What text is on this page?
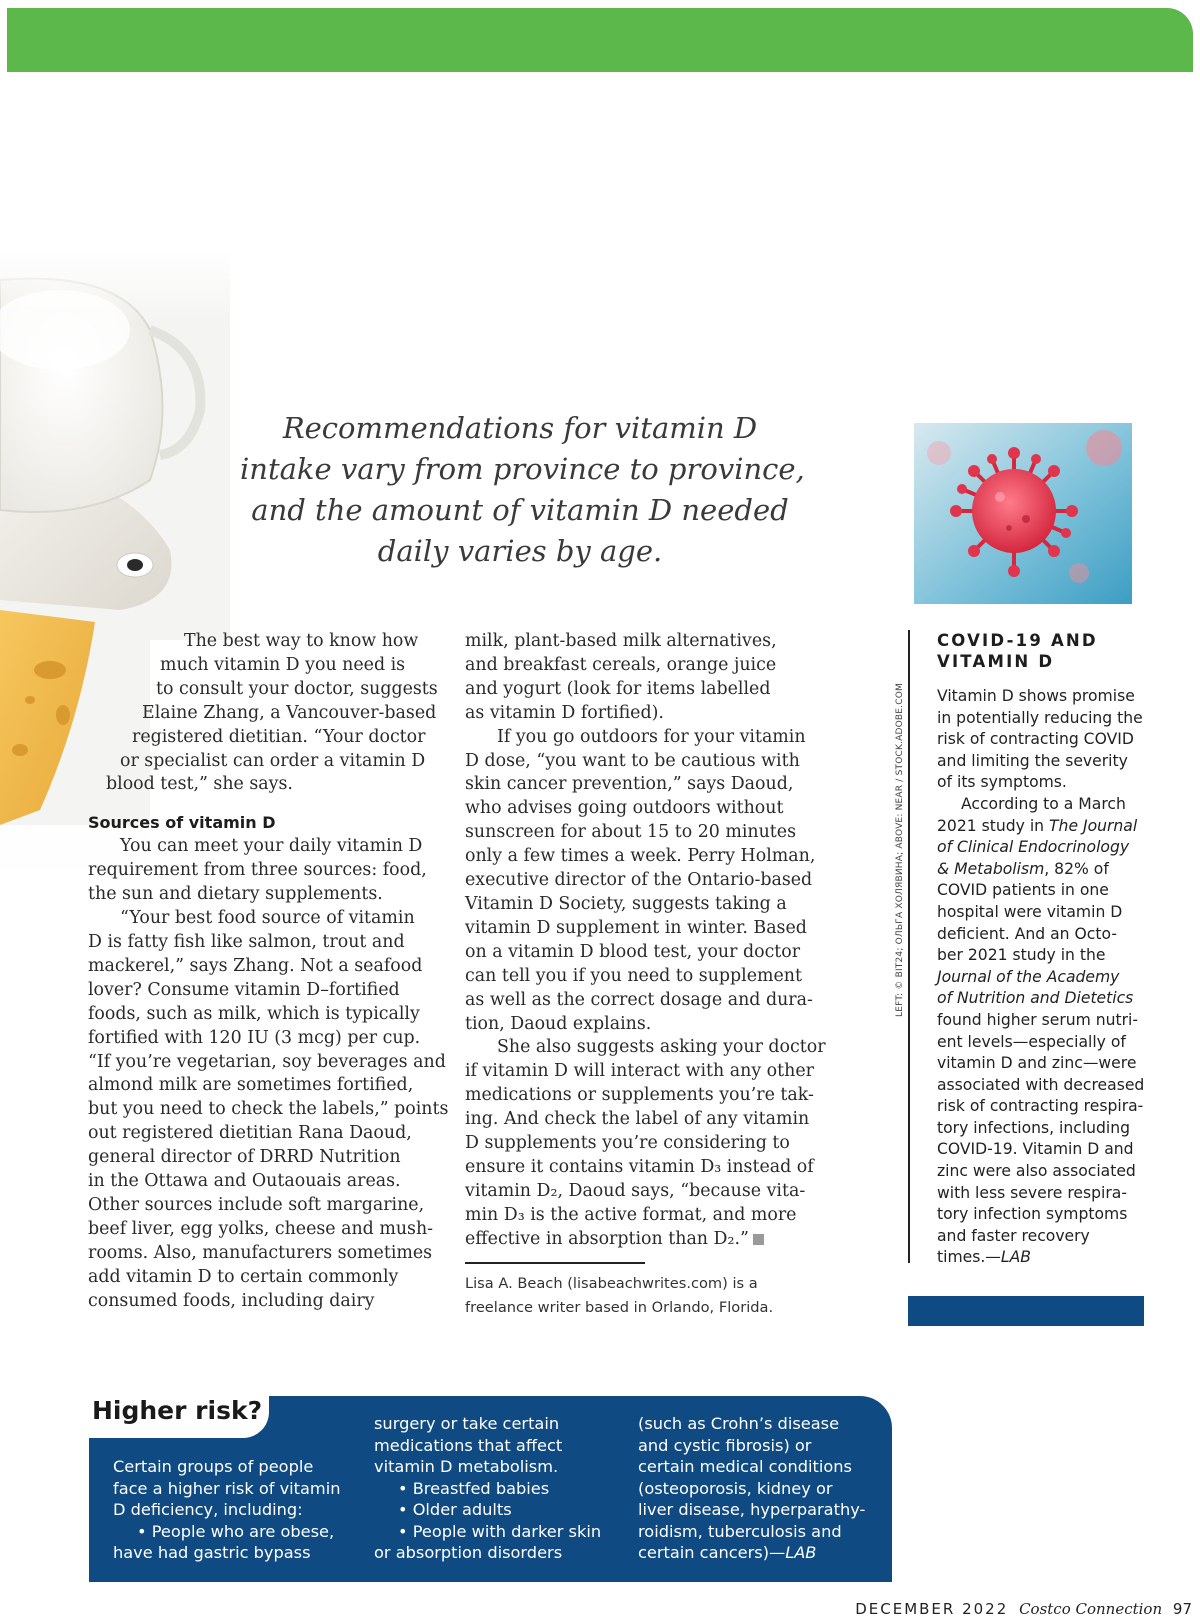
Recommendations for vitamin D
intake vary from province to province,
and the amount of vitamin D needed
daily varies by age.
LEFT: © BIT24; ОЛЬГА ХОЛЯВИНА; ABOVE: NEAR / STOCK.ADOBE.COM
The best way to know how
much vitamin D you need is
to consult your doctor, suggests
Elaine Zhang, a Vancouver-based
registered dietitian. “Your doctor
or specialist can order a vitamin D
blood test,” she says.
Sources of vitamin D
You can meet your daily vitamin D
requirement from three sources: food,
the sun and dietary supplements.
“Your best food source of vitamin
D is fatty fish like salmon, trout and
mackerel,” says Zhang. Not a seafood
lover? Consume vitamin D–fortified
foods, such as milk, which is typically
fortified with 120 IU (3 mcg) per cup.
“If you’re vegetarian, soy beverages and
almond milk are sometimes fortified,
but you need to check the labels,” points
out registered dietitian Rana Daoud,
general director of DRRD Nutrition
in the Ottawa and Outaouais areas.
Other sources include soft margarine,
beef liver, egg yolks, cheese and mush-
rooms. Also, manufacturers sometimes
add vitamin D to certain commonly
consumed foods, including dairy
milk, plant-based milk alternatives,
and breakfast cereals, orange juice
and yogurt (look for items labelled
as vitamin D fortified).
If you go outdoors for your vitamin
D dose, “you want to be cautious with
skin cancer prevention,” says Daoud,
who advises going outdoors without
sunscreen for about 15 to 20 minutes
only a few times a week. Perry Holman,
executive director of the Ontario-based
Vitamin D Society, suggests taking a
vitamin D supplement in winter. Based
on a vitamin D blood test, your doctor
can tell you if you need to supplement
as well as the correct dosage and dura-
tion, Daoud explains.
She also suggests asking your doctor
if vitamin D will interact with any other
medications or supplements you’re tak-
ing. And check the label of any vitamin
D supplements you’re considering to
ensure it contains vitamin D₃ instead of
vitamin D₂, Daoud says, “because vita-
min D₃ is the active format, and more
effective in absorption than D₂.”
Lisa A. Beach (lisabeachwrites.com) is a
freelance writer based in Orlando, Florida.
COVID-19 AND
VITAMIN D
Vitamin D shows promise
in potentially reducing the
risk of contracting COVID
and limiting the severity
of its symptoms.
According to a March
2021 study in The Journal
of Clinical Endocrinology
& Metabolism, 82% of
COVID patients in one
hospital were vitamin D
deficient. And an Octo-
ber 2021 study in the
Journal of the Academy
of Nutrition and Dietetics
found higher serum nutri-
ent levels—especially of
vitamin D and zinc—were
associated with decreased
risk of contracting respira-
tory infections, including
COVID-19. Vitamin D and
zinc were also associated
with less severe respira-
tory infection symptoms
and faster recovery
times.—LAB
Higher risk?
Certain groups of people
face a higher risk of vitamin
D deficiency, including:
• People who are obese,
have had gastric bypass
surgery or take certain
medications that affect
vitamin D metabolism.
• Breastfed babies
• Older adults
• People with darker skin
or absorption disorders
(such as Crohn’s disease
and cystic fibrosis) or
certain medical conditions
(osteoporosis, kidney or
liver disease, hyperparathy-
roidism, tuberculosis and
certain cancers)—LAB
DECEMBER 2022 Costco Connection 97
